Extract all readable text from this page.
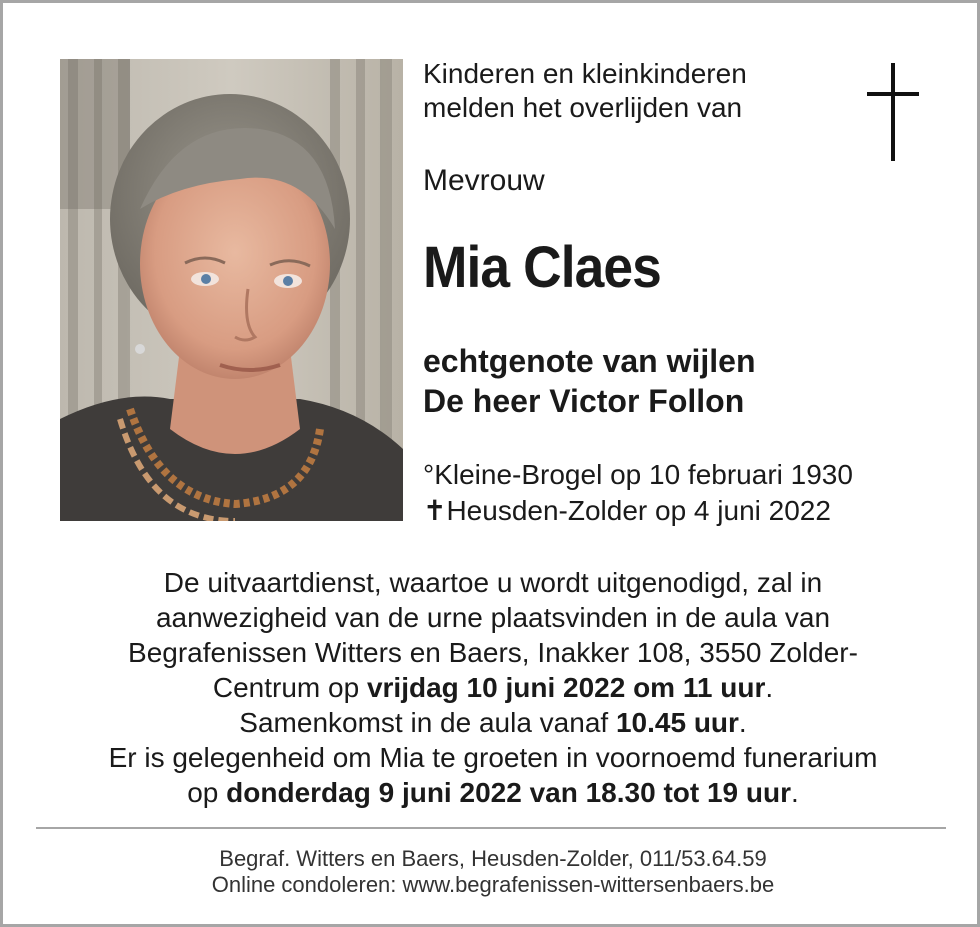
Kinderen en kleinkinderen
melden het overlijden van
Mevrouw
Mia Claes
echtgenote van wijlen
De heer Victor Follon
°Kleine-Brogel op 10 februari 1930
✝Heusden-Zolder op 4 juni 2022
De uitvaartdienst, waartoe u wordt uitgenodigd, zal in
aanwezigheid van de urne plaatsvinden in de aula van
Begrafenissen Witters en Baers, Inakker 108, 3550 Zolder-
Centrum op vrijdag 10 juni 2022 om 11 uur.
Samenkomst in de aula vanaf 10.45 uur.
Er is gelegenheid om Mia te groeten in voornoemd funerarium
op donderdag 9 juni 2022 van 18.30 tot 19 uur.
Begraf. Witters en Baers, Heusden-Zolder, 011/53.64.59
Online condoleren: www.begrafenissen-wittersenbaers.be
